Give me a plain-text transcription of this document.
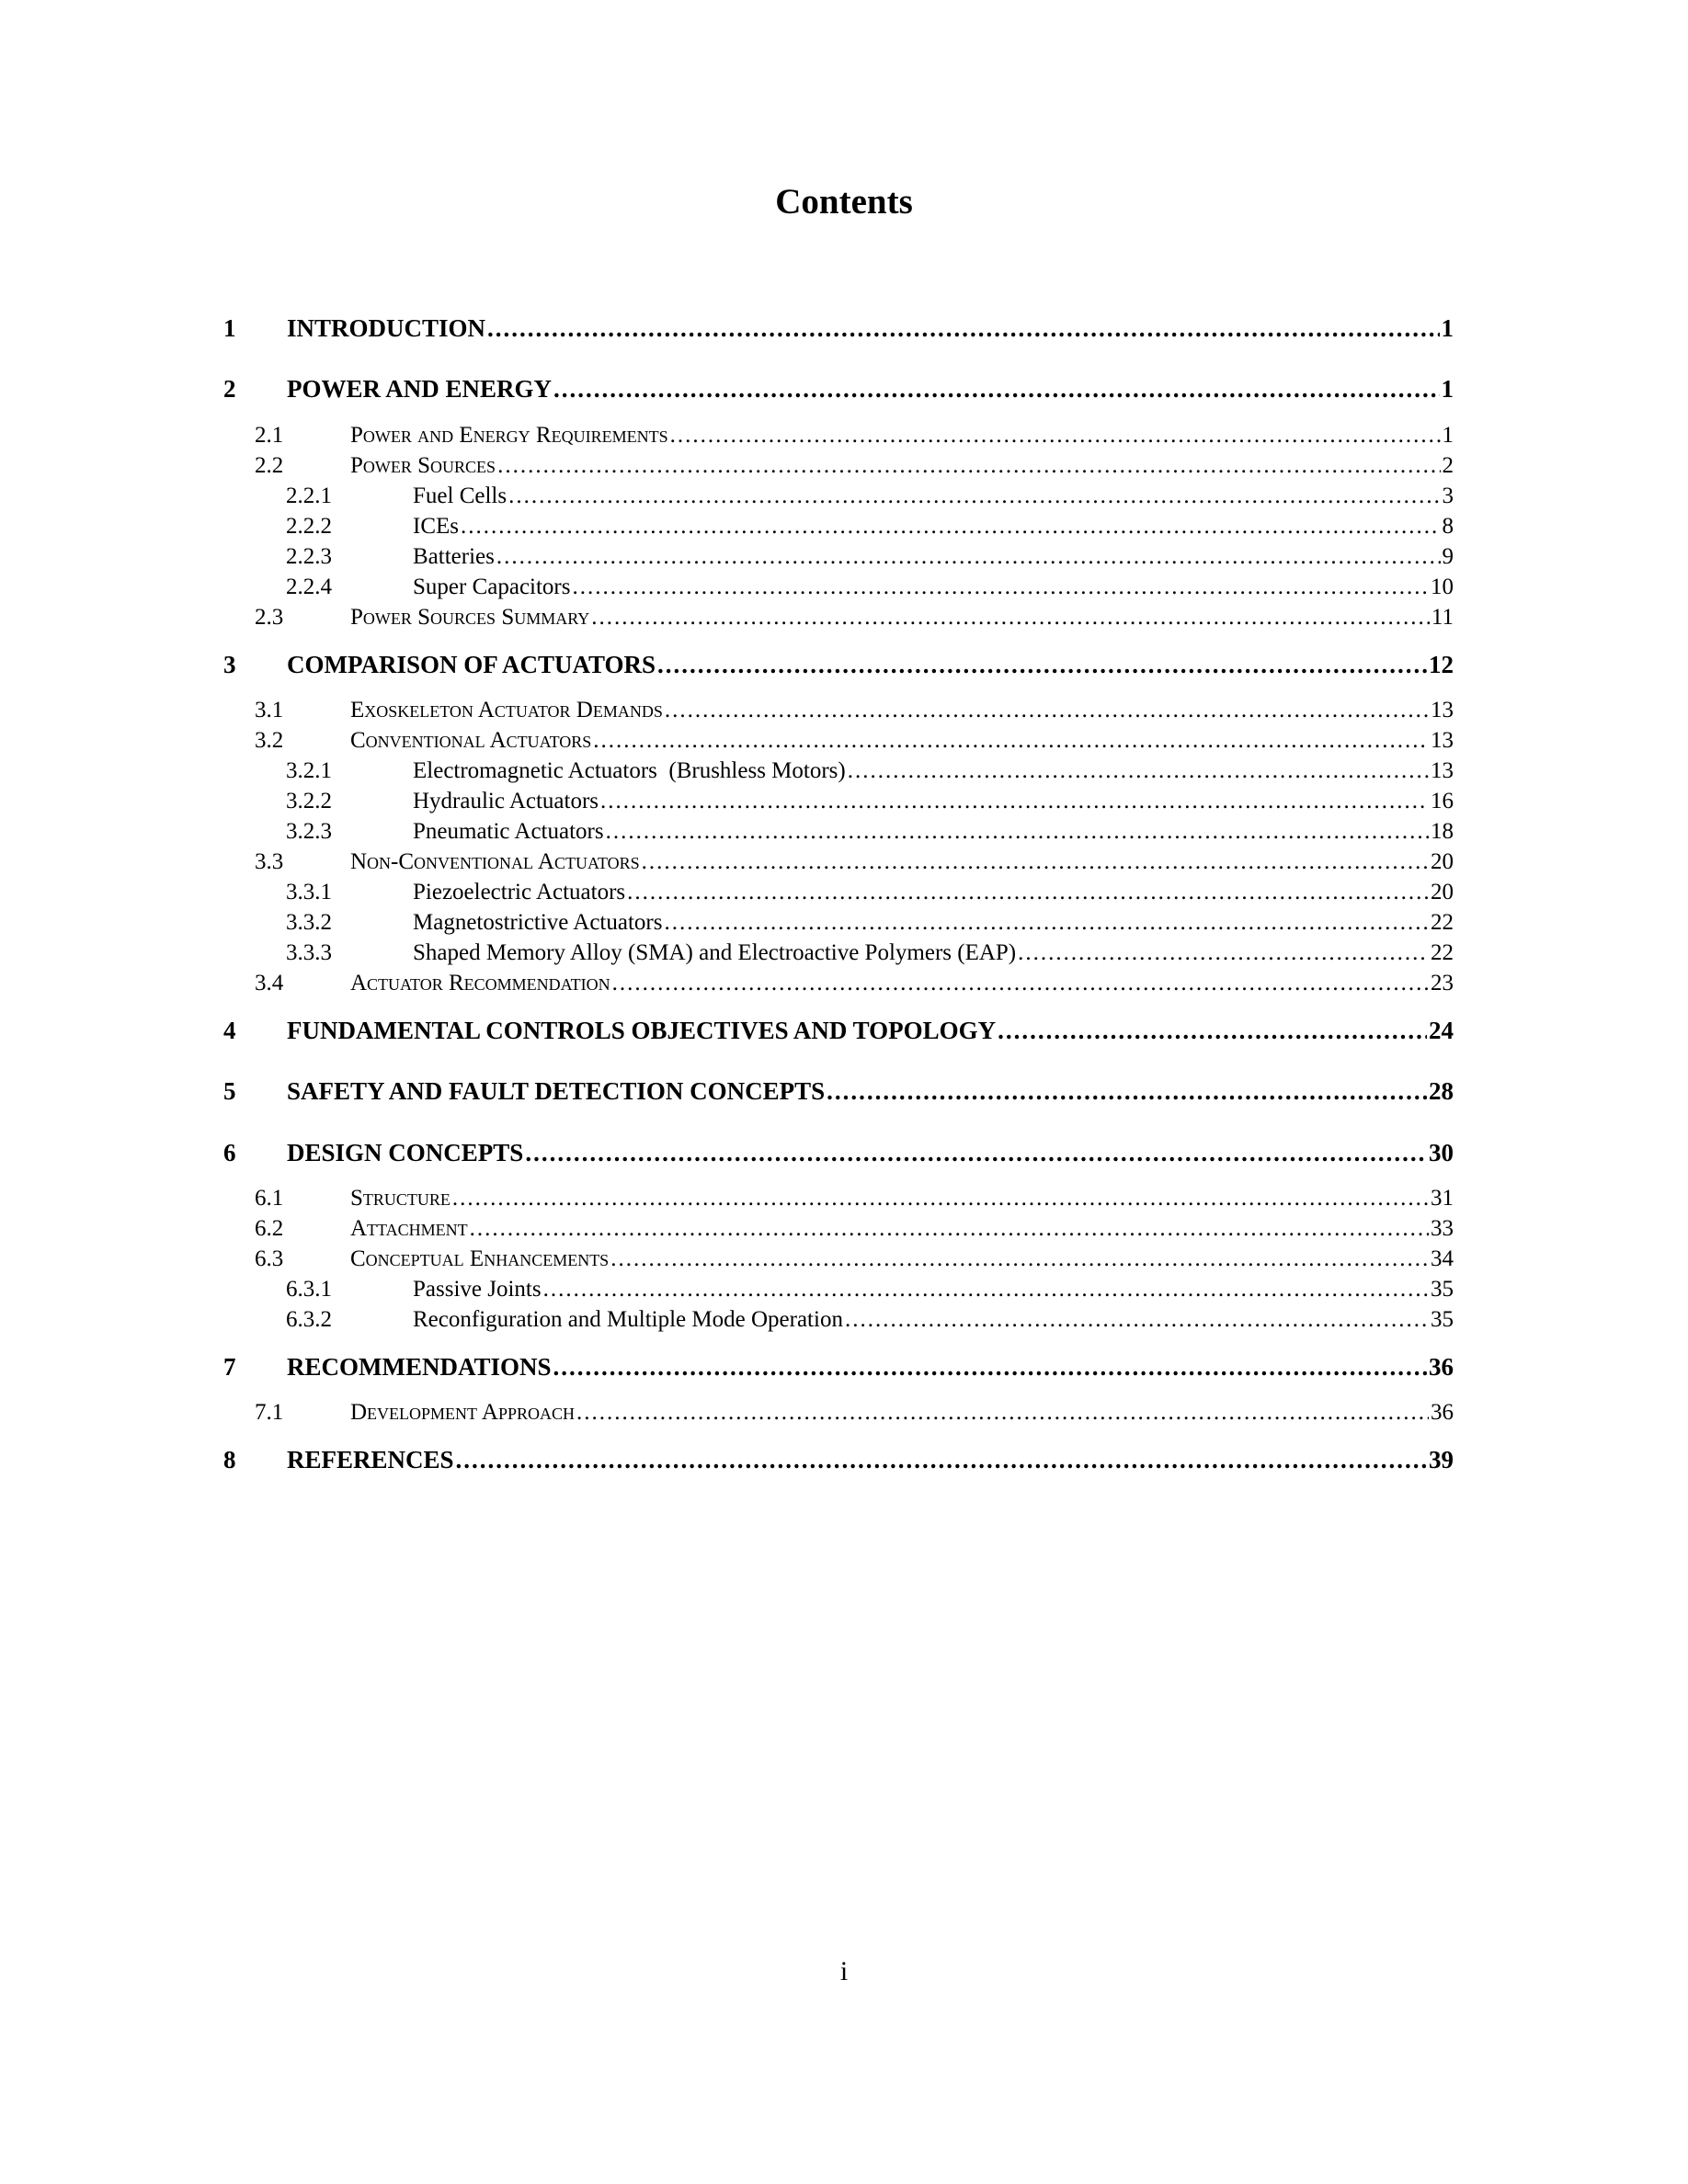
Contents
1	INTRODUCTION .....	1
2	POWER AND ENERGY .....	1
2.1	Power and Energy Requirements .....	1
2.2	Power Sources .....	2
2.2.1	Fuel Cells .....	3
2.2.2	ICEs .....	8
2.2.3	Batteries .....	9
2.2.4	Super Capacitors .....	10
2.3	Power Sources Summary .....	11
3	COMPARISON OF ACTUATORS .....	12
3.1	Exoskeleton Actuator Demands .....	13
3.2	Conventional Actuators .....	13
3.2.1	Electromagnetic Actuators  (Brushless Motors) .....	13
3.2.2	Hydraulic Actuators .....	16
3.2.3	Pneumatic Actuators .....	18
3.3	Non-Conventional Actuators .....	20
3.3.1	Piezoelectric Actuators .....	20
3.3.2	Magnetostrictive Actuators .....	22
3.3.3	Shaped Memory Alloy (SMA) and Electroactive Polymers (EAP) .....	22
3.4	Actuator Recommendation .....	23
4	FUNDAMENTAL CONTROLS OBJECTIVES AND TOPOLOGY .....	24
5	SAFETY AND FAULT DETECTION CONCEPTS .....	28
6	DESIGN CONCEPTS .....	30
6.1	Structure .....	31
6.2	Attachment .....	33
6.3	Conceptual Enhancements .....	34
6.3.1	Passive Joints .....	35
6.3.2	Reconfiguration and Multiple Mode Operation .....	35
7	RECOMMENDATIONS .....	36
7.1	Development Approach .....	36
8	REFERENCES .....	39
i
